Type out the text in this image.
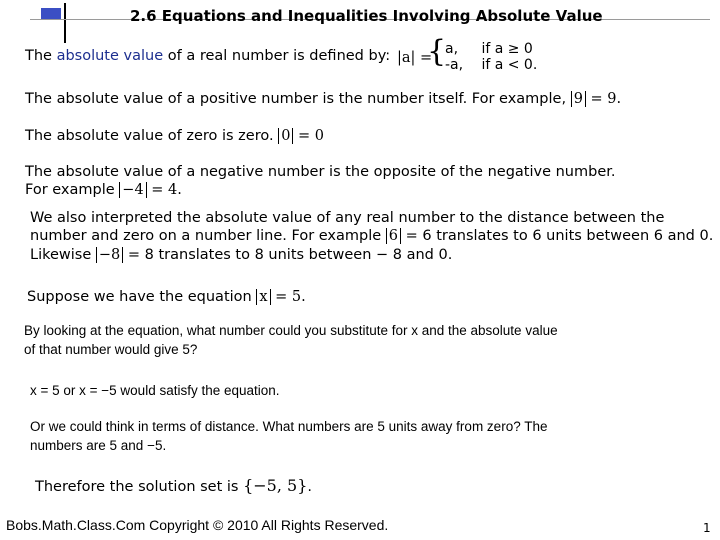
2.6 Equations and Inequalities Involving Absolute Value
The absolute value of a real number is defined by: |a| =
{
a, if a ≥ 0
-a, if a < 0.
The absolute value of a positive number is the number itself. For example, 9 = 9.
The absolute value of zero is zero. 0 = 0
The absolute value of a negative number is the opposite of the negative number.
For example −4 = 4.
We also interpreted the absolute value of any real number to the distance between the
number and zero on a number line. For example 6 = 6 translates to 6 units between 6 and 0.
Likewise −8 = 8 translates to 8 units between − 8 and 0.
Suppose we have the equation x = 5.
By looking at the equation, what number could you substitute for x and the absolute value
of that number would give 5?
x = 5 or x = −5 would satisfy the equation.
Or we could think in terms of distance. What numbers are 5 units away from zero? The
numbers are 5 and −5.
Therefore the solution set is {−5, 5}.
Bobs.Math.Class.Com Copyright © 2010 All Rights Reserved.	1
